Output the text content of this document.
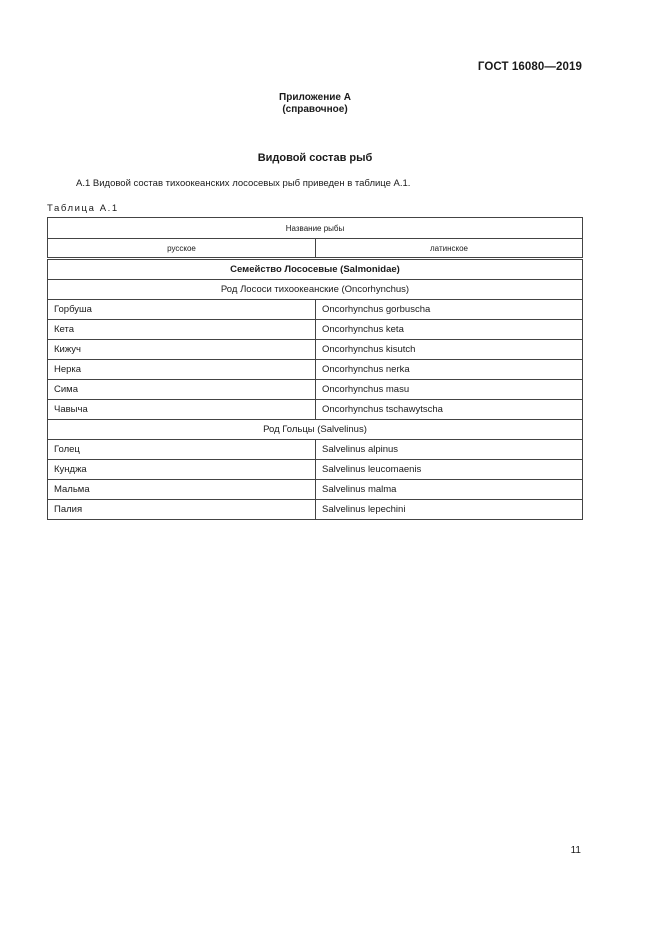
ГОСТ 16080—2019
Приложение А
(справочное)
Видовой состав рыб
А.1 Видовой состав тихоокеанских лососевых рыб приведен в таблице А.1.
Таблица А.1
Название рыбы	
русское	латинское
Семейство Лососевые (Salmonidae)	
Род Лососи тихоокеанские (Oncorhynchus)	
Горбуша	Oncorhynchus gorbuscha
Кета	Oncorhynchus keta
Кижуч	Oncorhynchus kisutch
Нерка	Oncorhynchus nerka
Сима	Oncorhynchus masu
Чавыча	Oncorhynchus tschawytscha
Род Гольцы (Salvelinus)	
Голец	Salvelinus alpinus
Кунджа	Salvelinus leucomaenis
Мальма	Salvelinus malma
Палия	Salvelinus lepechini
11
